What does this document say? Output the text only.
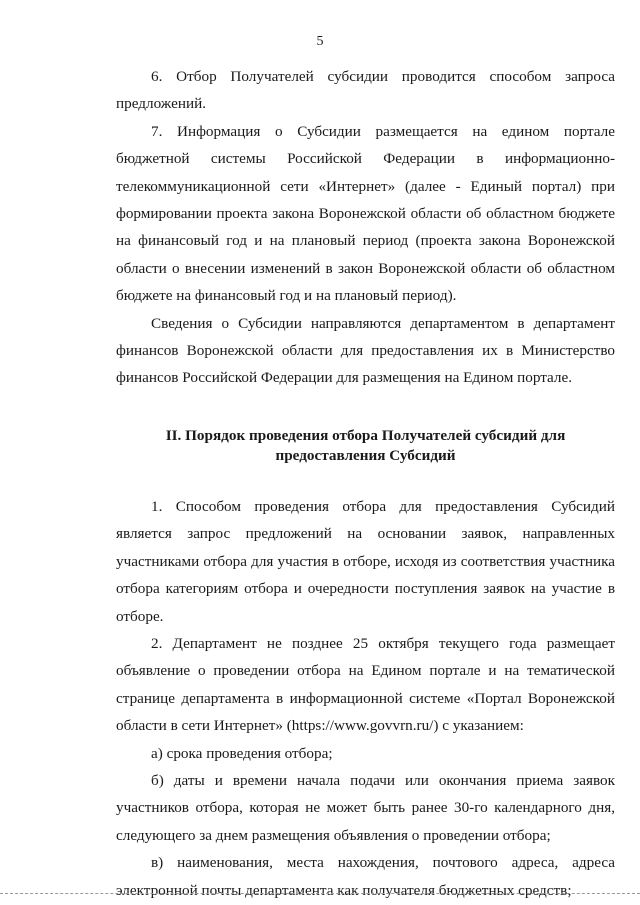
5

6. Отбор Получателей субсидии проводится способом запроса предложений.

7. Информация о Субсидии размещается на едином портале бюджетной системы Российской Федерации в информационно-телекоммуникационной сети «Интернет» (далее - Единый портал) при формировании проекта закона Воронежской области об областном бюджете на финансовый год и на плановый период (проекта закона Воронежской области о внесении изменений в закон Воронежской области об областном бюджете на финансовый год и на плановый период).

Сведения о Субсидии направляются департаментом в департамент финансов Воронежской области для предоставления их в Министерство финансов Российской Федерации для размещения на Едином портале.

II. Порядок проведения отбора Получателей субсидий для
предоставления Субсидий

1. Способом проведения отбора для предоставления Субсидий является запрос предложений на основании заявок, направленных участниками отбора для участия в отборе, исходя из соответствия участника отбора категориям отбора и очередности поступления заявок на участие в отборе.

2. Департамент не позднее 25 октября текущего года размещает объявление о проведении отбора на Едином портале и на тематической странице департамента в информационной системе «Портал Воронежской области в сети Интернет» (https://www.govvrn.ru/) с указанием:

а) срока проведения отбора;

б) даты и времени начала подачи или окончания приема заявок участников отбора, которая не может быть ранее 30-го календарного дня, следующего за днем размещения объявления о проведении отбора;

в) наименования, места нахождения, почтового адреса, адреса электронной почты департамента как получателя бюджетных средств;
